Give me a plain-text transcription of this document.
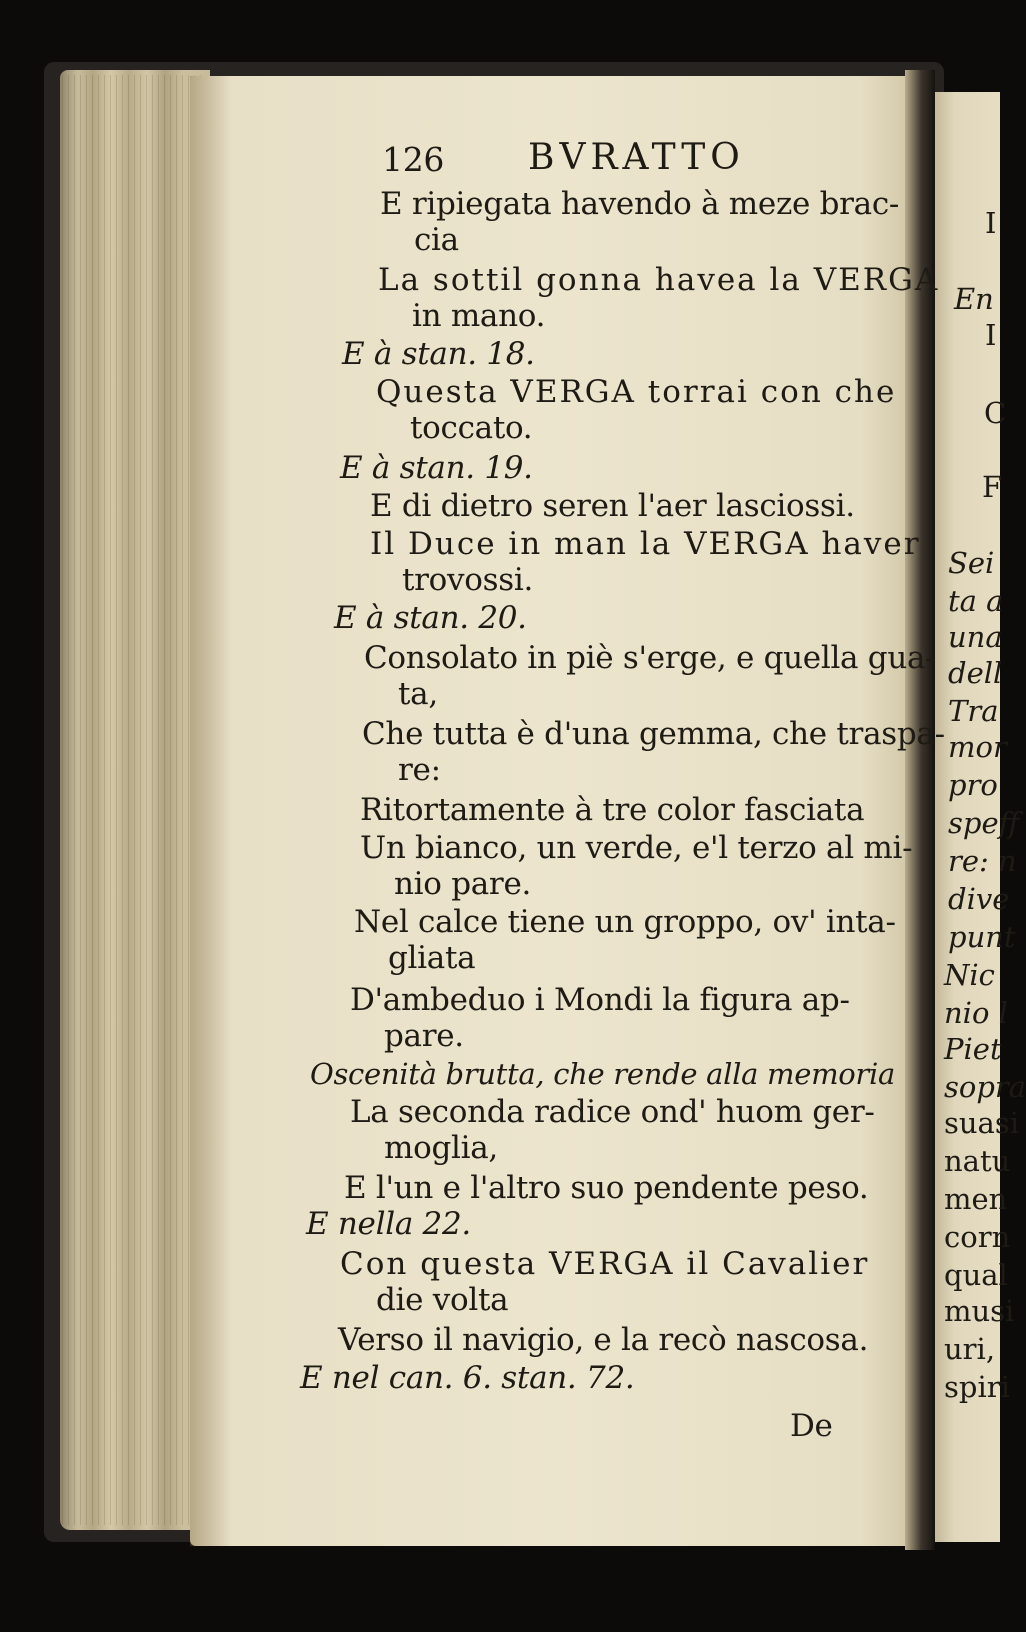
126 BVRATTO
E ripiegata havendo à meze brac-
cia
La sottil gonna havea la VERGA
in mano.
E à stan. 18.
Questa VERGA torrai con che
toccato.
E à stan. 19.
E di dietro seren l'aer lasciossi.
Il Duce in man la VERGA haver
trovossi.
E à stan. 20.
Consolato in piè s'erge, e quella gua-
ta,
Che tutta è d'una gemma, che traspa-
re:
Ritortamente à tre color fasciata
Un bianco, un verde, e'l terzo al mi-
nio pare.
Nel calce tiene un groppo, ov' inta-
gliata
D'ambeduo i Mondi la figura ap-
pare.
Oscenità brutta, che rende alla memoria
La seconda radice ond' huom ger-
moglia,
E l'un e l'altro suo pendente peso.
E nella 22.
Con questa VERGA il Cavalier
die volta
Verso il navigio, e la recò nascosa.
E nel can. 6. stan. 72.
De
I
En
I
C
F
Sei
ta a
una
dell
Tra
mor
pro
speff
re: n
dive
punt
Nic
nio l
Piet
sopra
suasi
natu
men
corn
qual
musi
uri,
spiri
